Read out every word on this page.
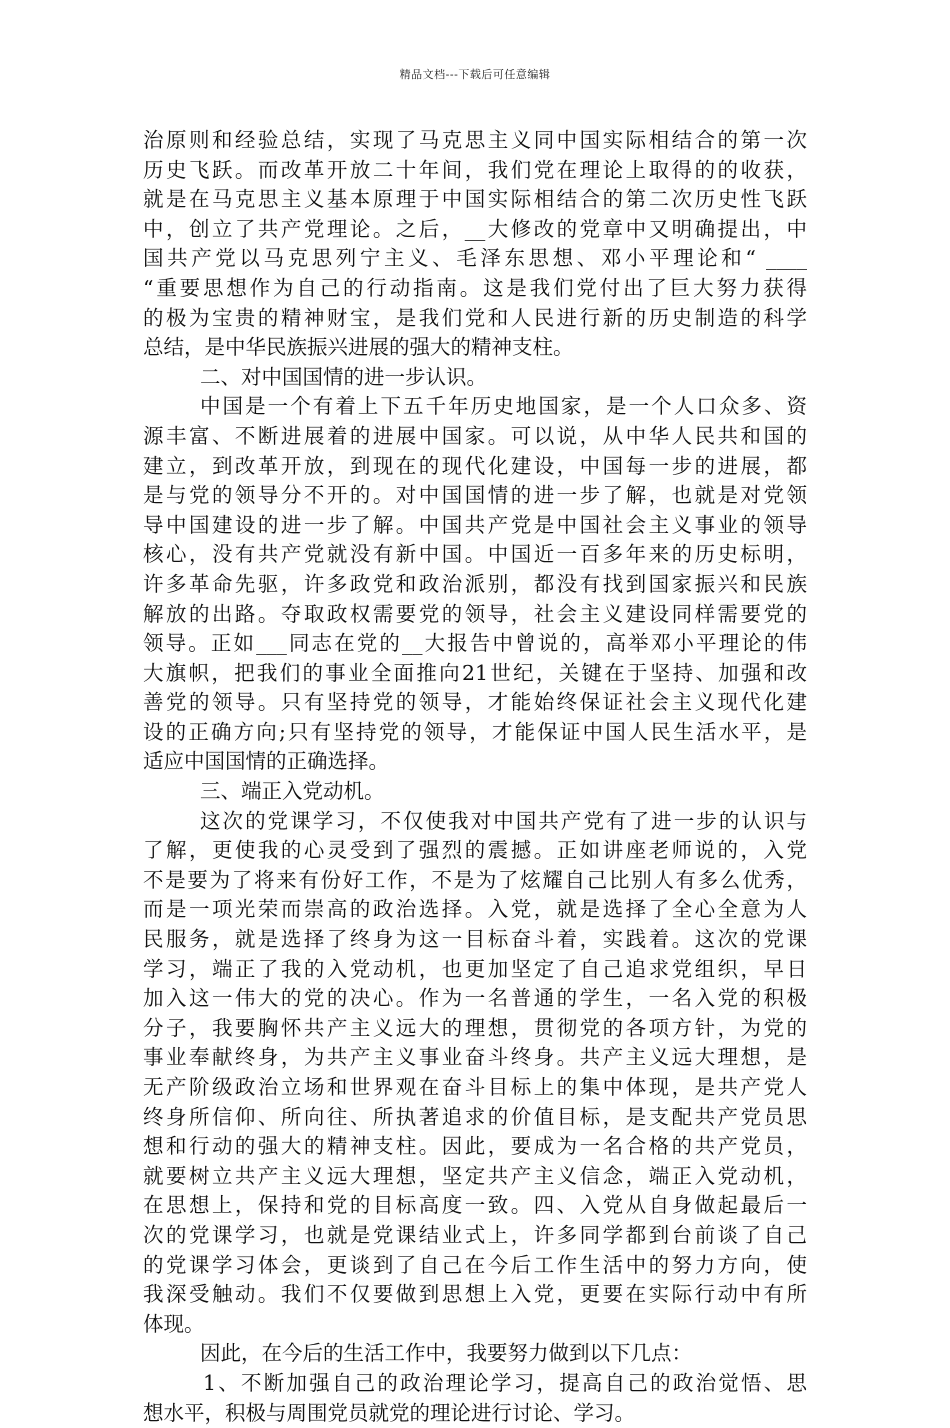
精品文档---下载后可任意编辑
治原则和经验总结，实现了马克思主义同中国实际相结合的第一次
历史飞跃。而改革开放二十年间，我们党在理论上取得的的收获，
就是在马克思主义基本原理于中国实际相结合的第二次历史性飞跃
中，创立了共产党理论。之后，__大修改的党章中又明确提出，中
国共产党以马克思列宁主义、毛泽东思想、邓小平理论和“ ____
“重要思想作为自己的行动指南。这是我们党付出了巨大努力获得
的极为宝贵的精神财宝，是我们党和人民进行新的历史制造的科学
总结，是中华民族振兴进展的强大的精神支柱。
二、对中国国情的进一步认识。
中国是一个有着上下五千年历史地国家，是一个人口众多、资
源丰富、不断进展着的进展中国家。可以说，从中华人民共和国的
建立，到改革开放，到现在的现代化建设，中国每一步的进展，都
是与党的领导分不开的。对中国国情的进一步了解，也就是对党领
导中国建设的进一步了解。中国共产党是中国社会主义事业的领导
核心，没有共产党就没有新中国。中国近一百多年来的历史标明，
许多革命先驱，许多政党和政治派别，都没有找到国家振兴和民族
解放的出路。夺取政权需要党的领导，社会主义建设同样需要党的
领导。正如___同志在党的__大报告中曾说的，高举邓小平理论的伟
大旗帜，把我们的事业全面推向21世纪，关键在于坚持、加强和改
善党的领导。只有坚持党的领导，才能始终保证社会主义现代化建
设的正确方向;只有坚持党的领导，才能保证中国人民生活水平，是
适应中国国情的正确选择。
三、端正入党动机。
这次的党课学习，不仅使我对中国共产党有了进一步的认识与
了解，更使我的心灵受到了强烈的震撼。正如讲座老师说的，入党
不是要为了将来有份好工作，不是为了炫耀自己比别人有多么优秀，
而是一项光荣而崇高的政治选择。入党，就是选择了全心全意为人
民服务，就是选择了终身为这一目标奋斗着，实践着。这次的党课
学习，端正了我的入党动机，也更加坚定了自己追求党组织，早日
加入这一伟大的党的决心。作为一名普通的学生，一名入党的积极
分子，我要胸怀共产主义远大的理想，贯彻党的各项方针，为党的
事业奉献终身，为共产主义事业奋斗终身。共产主义远大理想，是
无产阶级政治立场和世界观在奋斗目标上的集中体现，是共产党人
终身所信仰、所向往、所执著追求的价值目标，是支配共产党员思
想和行动的强大的精神支柱。因此，要成为一名合格的共产党员，
就要树立共产主义远大理想，坚定共产主义信念，端正入党动机，
在思想上，保持和党的目标高度一致。四、入党从自身做起最后一
次的党课学习，也就是党课结业式上，许多同学都到台前谈了自己
的党课学习体会，更谈到了自己在今后工作生活中的努力方向，使
我深受触动。我们不仅要做到思想上入党，更要在实际行动中有所
体现。
因此，在今后的生活工作中，我要努力做到以下几点：
1、不断加强自己的政治理论学习，提高自己的政治觉悟、思
想水平，积极与周围党员就党的理论进行讨论、学习。
